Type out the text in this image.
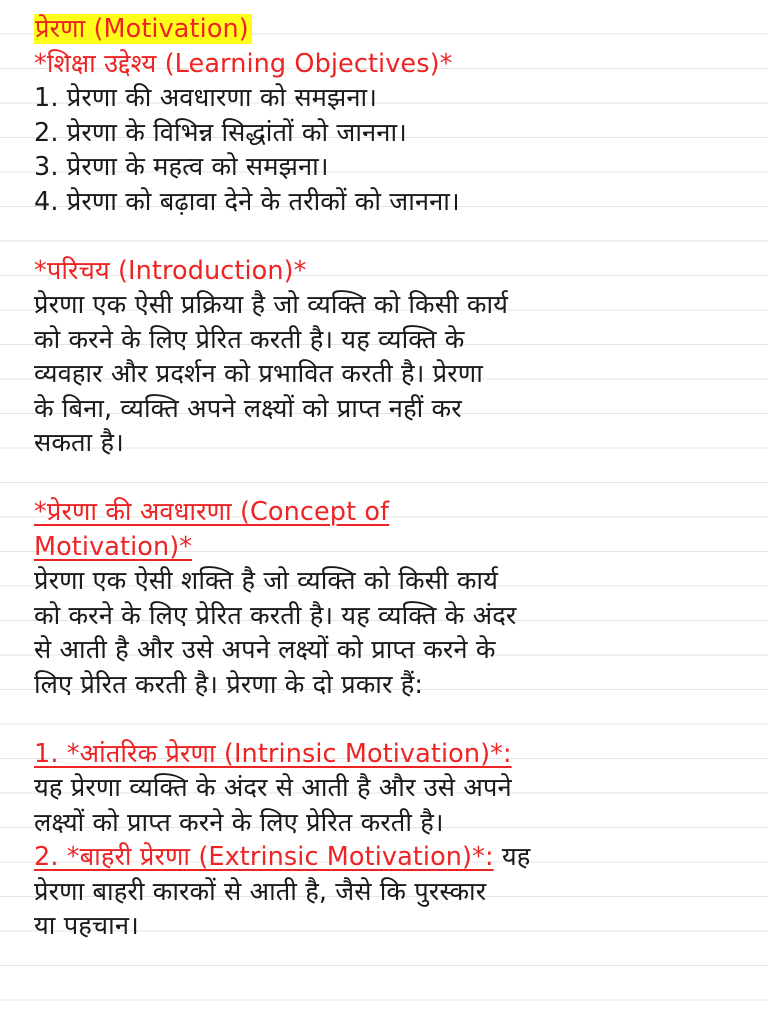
प्रेरणा (Motivation)
*शिक्षा उद्देश्य (Learning Objectives)*
1. प्रेरणा की अवधारणा को समझना।
2. प्रेरणा के विभिन्न सिद्धांतों को जानना।
3. प्रेरणा के महत्व को समझना।
4. प्रेरणा को बढ़ावा देने के तरीकों को जानना।
*परिचय (Introduction)*
प्रेरणा एक ऐसी प्रक्रिया है जो व्यक्ति को किसी कार्य
को करने के लिए प्रेरित करती है। यह व्यक्ति के
व्यवहार और प्रदर्शन को प्रभावित करती है। प्रेरणा
के बिना, व्यक्ति अपने लक्ष्यों को प्राप्त नहीं कर
सकता है।
*प्रेरणा की अवधारणा (Concept of
Motivation)*
प्रेरणा एक ऐसी शक्ति है जो व्यक्ति को किसी कार्य
को करने के लिए प्रेरित करती है। यह व्यक्ति के अंदर
से आती है और उसे अपने लक्ष्यों को प्राप्त करने के
लिए प्रेरित करती है। प्रेरणा के दो प्रकार हैं:
1. *आंतरिक प्रेरणा (Intrinsic Motivation)*:
यह प्रेरणा व्यक्ति के अंदर से आती है और उसे अपने
लक्ष्यों को प्राप्त करने के लिए प्रेरित करती है।
2. *बाहरी प्रेरणा (Extrinsic Motivation)*: यह
प्रेरणा बाहरी कारकों से आती है, जैसे कि पुरस्कार
या पहचान।
